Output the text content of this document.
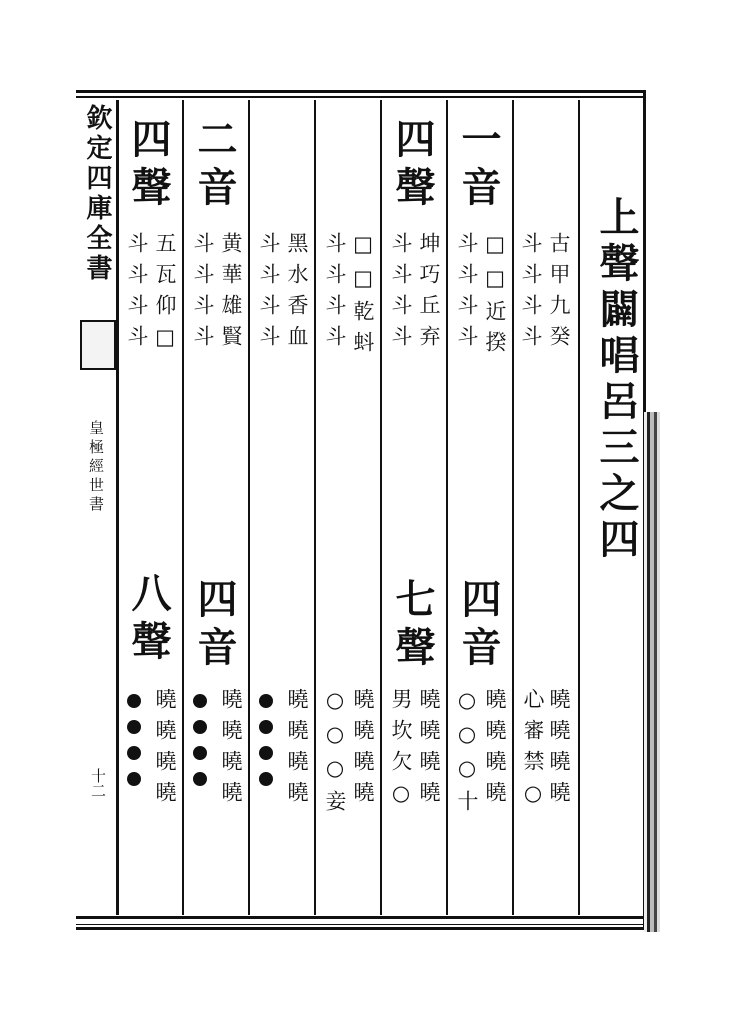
欽定四庫全書
皇極經世書
十二
上聲闢唱呂三之四
古甲九癸
斗斗斗斗
一音
□□近揆
斗斗斗斗
四聲
坤巧丘弃
斗斗斗斗
□□乾蚪
斗斗斗斗
黑水香血
斗斗斗斗
二音
黄華雄賢
斗斗斗斗
四聲
五瓦仰□
斗斗斗斗
曉曉曉曉
心審禁○
四音
曉曉曉曉
○○○十
七聲
曉曉曉曉
男坎欠○
曉曉曉曉
○○○妾
曉曉曉曉
四音
曉曉曉曉
八聲
曉曉曉曉
